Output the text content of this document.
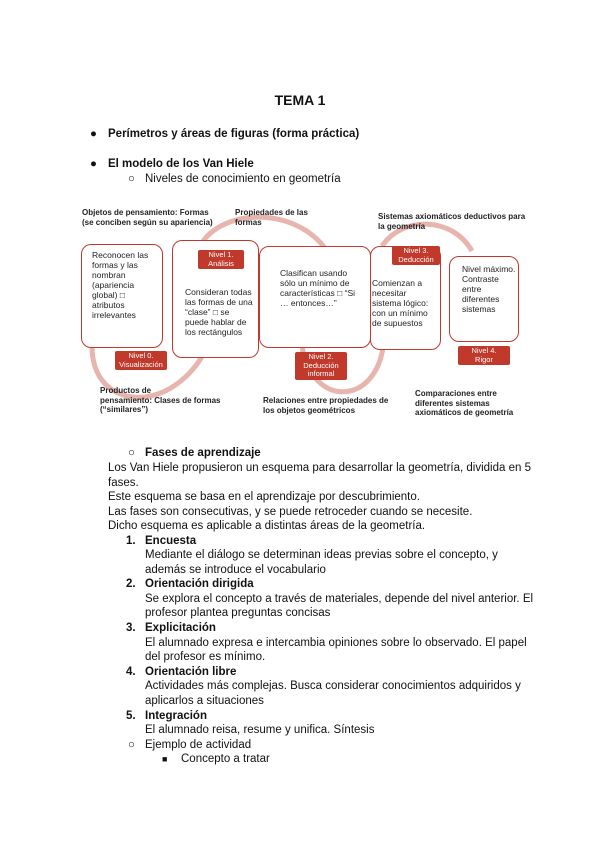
TEMA 1
● Perímetros y áreas de figuras (forma práctica)
● El modelo de los Van Hiele
○ Niveles de conocimiento en geometría
Objetos de pensamiento: Formas (se conciben según su apariencia)
Propiedades de las formas
Sistemas axiomáticos deductivos para la geometría
Reconocen las formas y las nombran (apariencia global) □ atributos irrelevantes
Nivel 0.
Visualización
Nivel 1.
Análisis
Consideran todas las formas de una “clase” □ se puede hablar de los rectángulos
Clasifican usando sólo un mínimo de características □ “Si … entonces…”
Nivel 2.
Deducción
informal
Nivel 3.
Deducción
Comienzan a necesitar sistema lógico: con un mínimo de supuestos
Nivel máximo. Contraste entre diferentes sistemas
Nivel 4.
Rigor
Productos de
pensamiento: Clases de formas (“similares”)
Relaciones entre propiedades de los objetos geométricos
Comparaciones entre diferentes sistemas axiomáticos de geometría
○ Fases de aprendizaje
Los Van Hiele propusieron un esquema para desarrollar la geometría, dividida en 5
fases.
Este esquema se basa en el aprendizaje por descubrimiento.
Las fases son consecutivas, y se puede retroceder cuando se necesite.
Dicho esquema es aplicable a distintas áreas de la geometría.
1. Encuesta
Mediante el diálogo se determinan ideas previas sobre el concepto, y
además se introduce el vocabulario
2. Orientación dirigida
Se explora el concepto a través de materiales, depende del nivel anterior. El
profesor plantea preguntas concisas
3. Explicitación
El alumnado expresa e intercambia opiniones sobre lo observado. El papel
del profesor es mínimo.
4. Orientación libre
Actividades más complejas. Busca considerar conocimientos adquiridos y
aplicarlos a situaciones
5. Integración
El alumnado reisa, resume y unifica. Síntesis
○ Ejemplo de actividad
■ Concepto a tratar
